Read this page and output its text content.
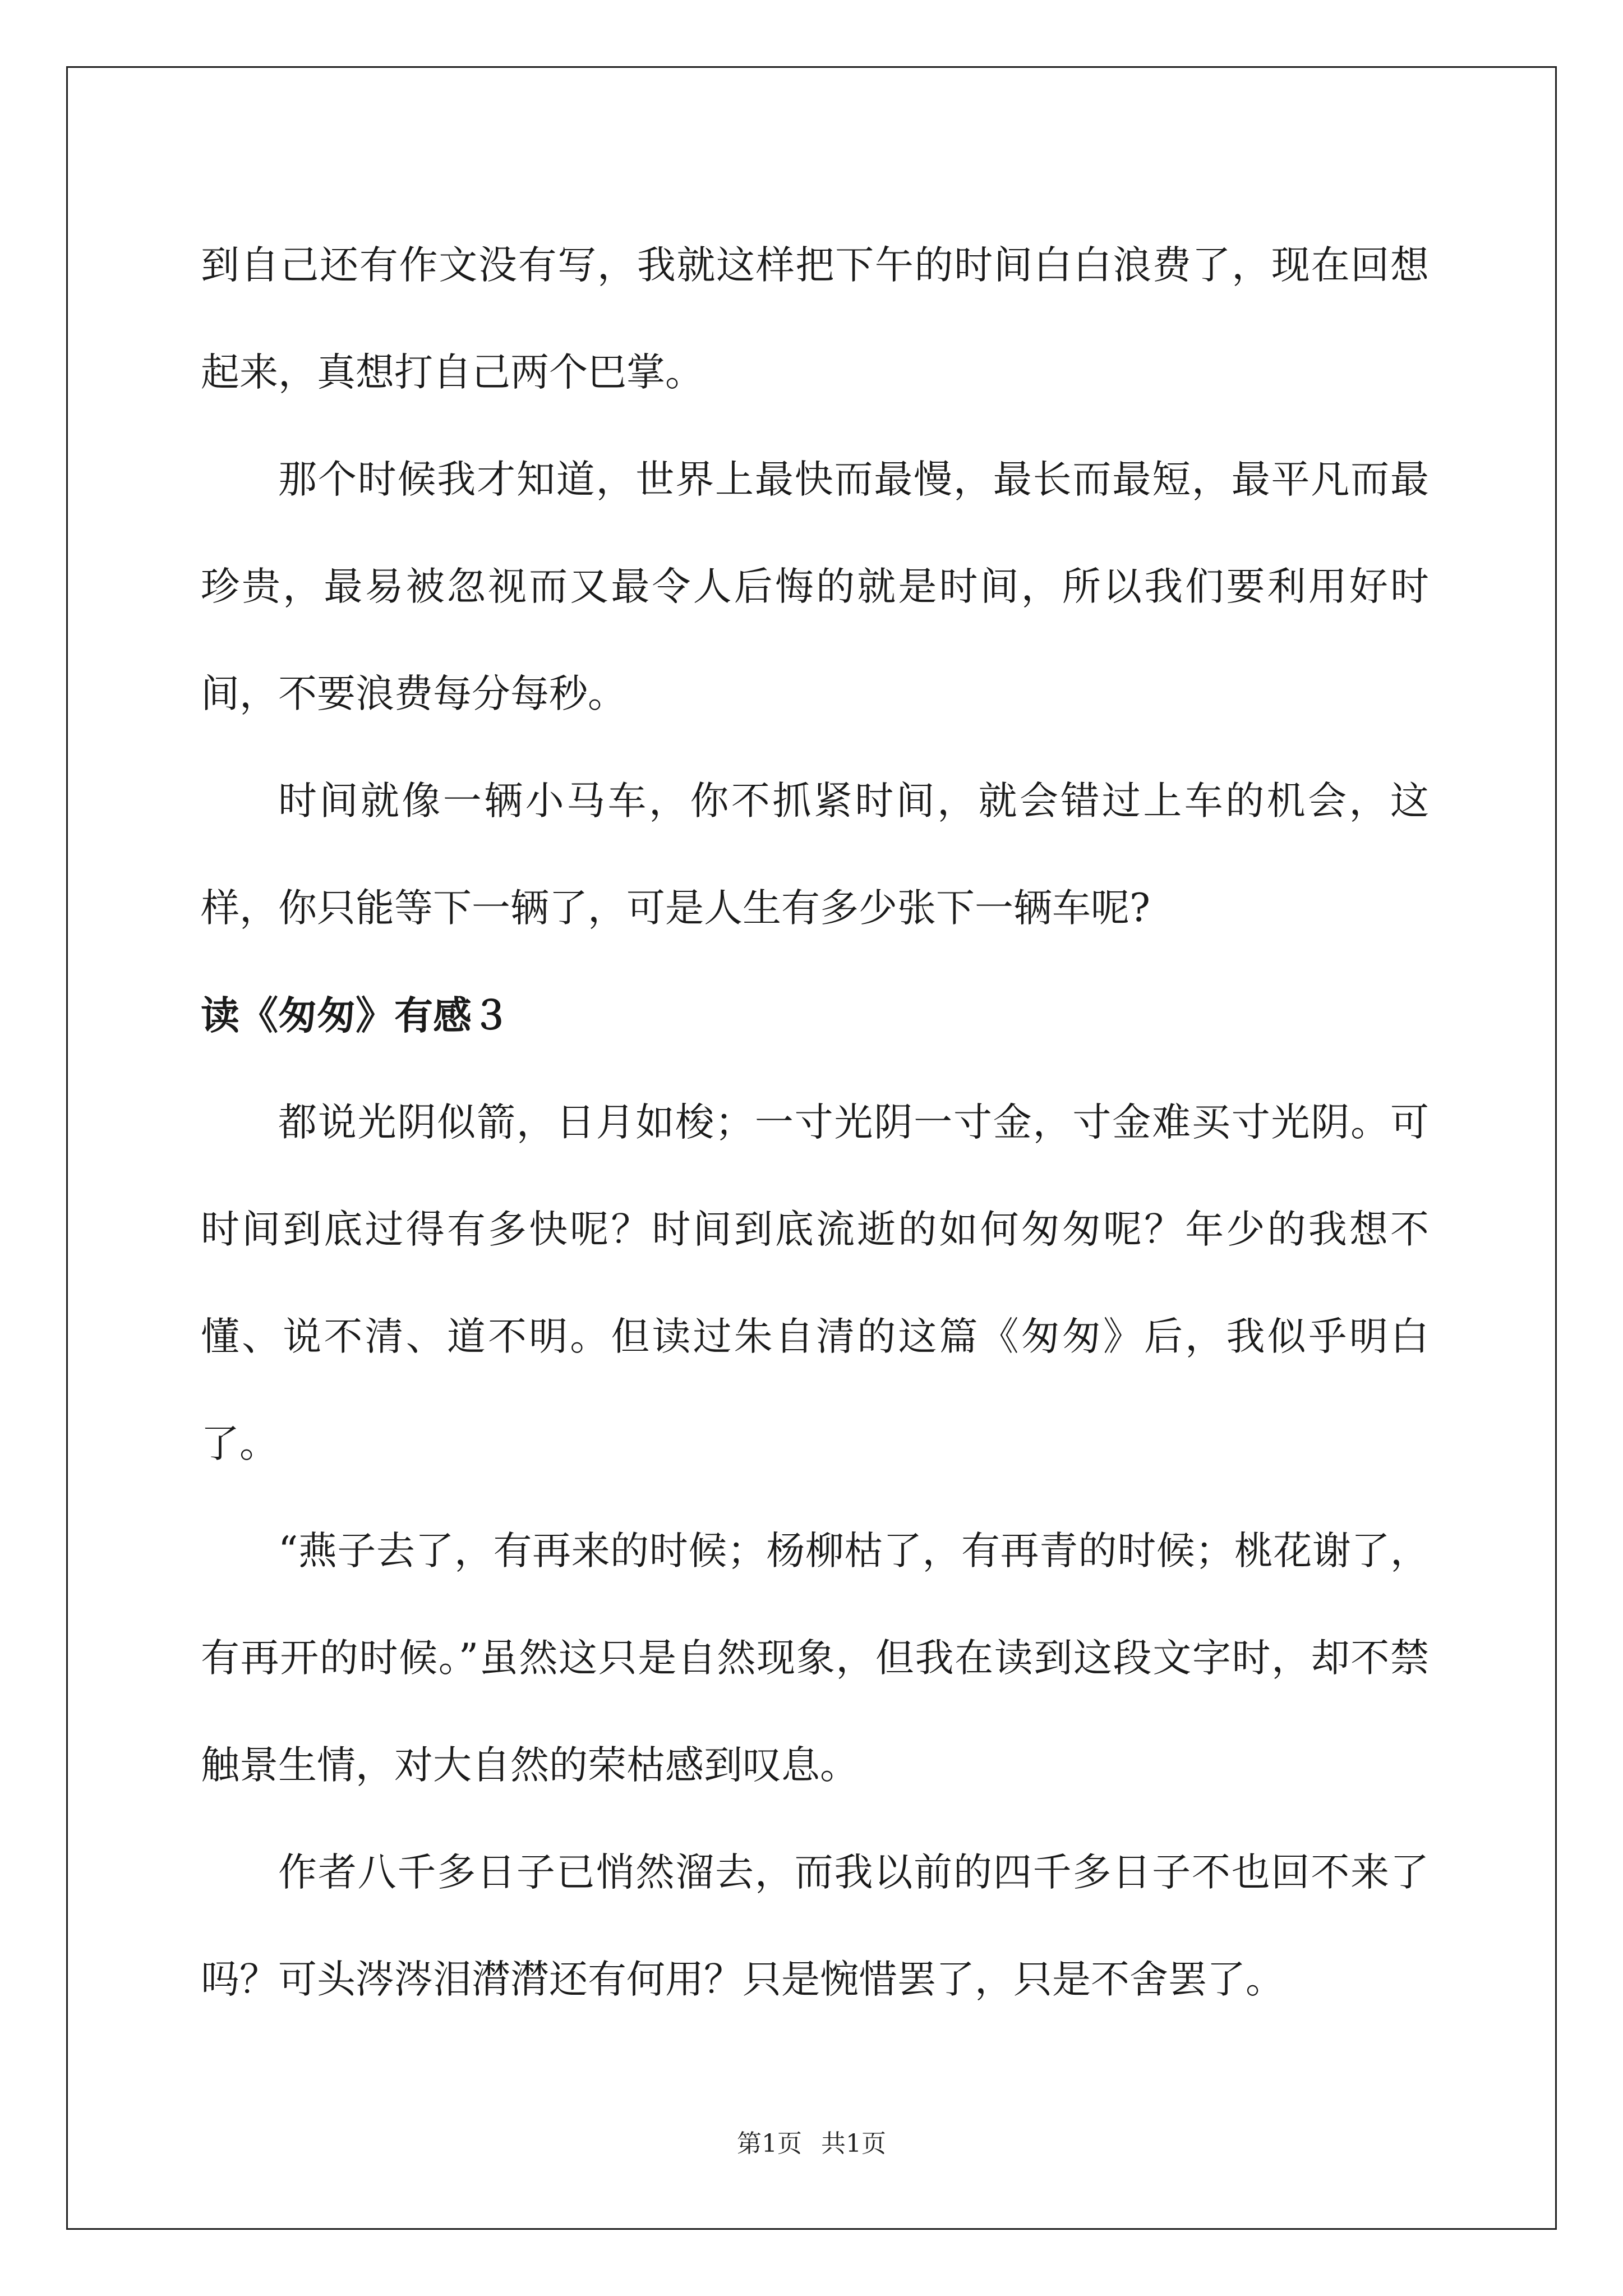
到自己还有作文没有写，我就这样把下午的时间白白浪费了，现在回想起来，真想打自己两个巴掌。

那个时候我才知道，世界上最快而最慢，最长而最短，最平凡而最珍贵，最易被忽视而又最令人后悔的就是时间，所以我们要利用好时间，不要浪费每分每秒。

时间就像一辆小马车，你不抓紧时间，就会错过上车的机会，这样，你只能等下一辆了，可是人生有多少张下一辆车呢?

读《匆匆》有感３

都说光阴似箭，日月如梭；一寸光阴一寸金，寸金难买寸光阴。可时间到底过得有多快呢？时间到底流逝的如何匆匆呢？年少的我想不懂、说不清、道不明。但读过朱自清的这篇《匆匆》后，我似乎明白了。

“燕子去了，有再来的时候；杨柳枯了，有再青的时候；桃花谢了，有再开的时候。”虽然这只是自然现象，但我在读到这段文字时，却不禁触景生情，对大自然的荣枯感到叹息。

作者八千多日子已悄然溜去，而我以前的四千多日子不也回不来了吗？可头涔涔泪潸潸还有何用？只是惋惜罢了，只是不舍罢了。

第1页 共1页
